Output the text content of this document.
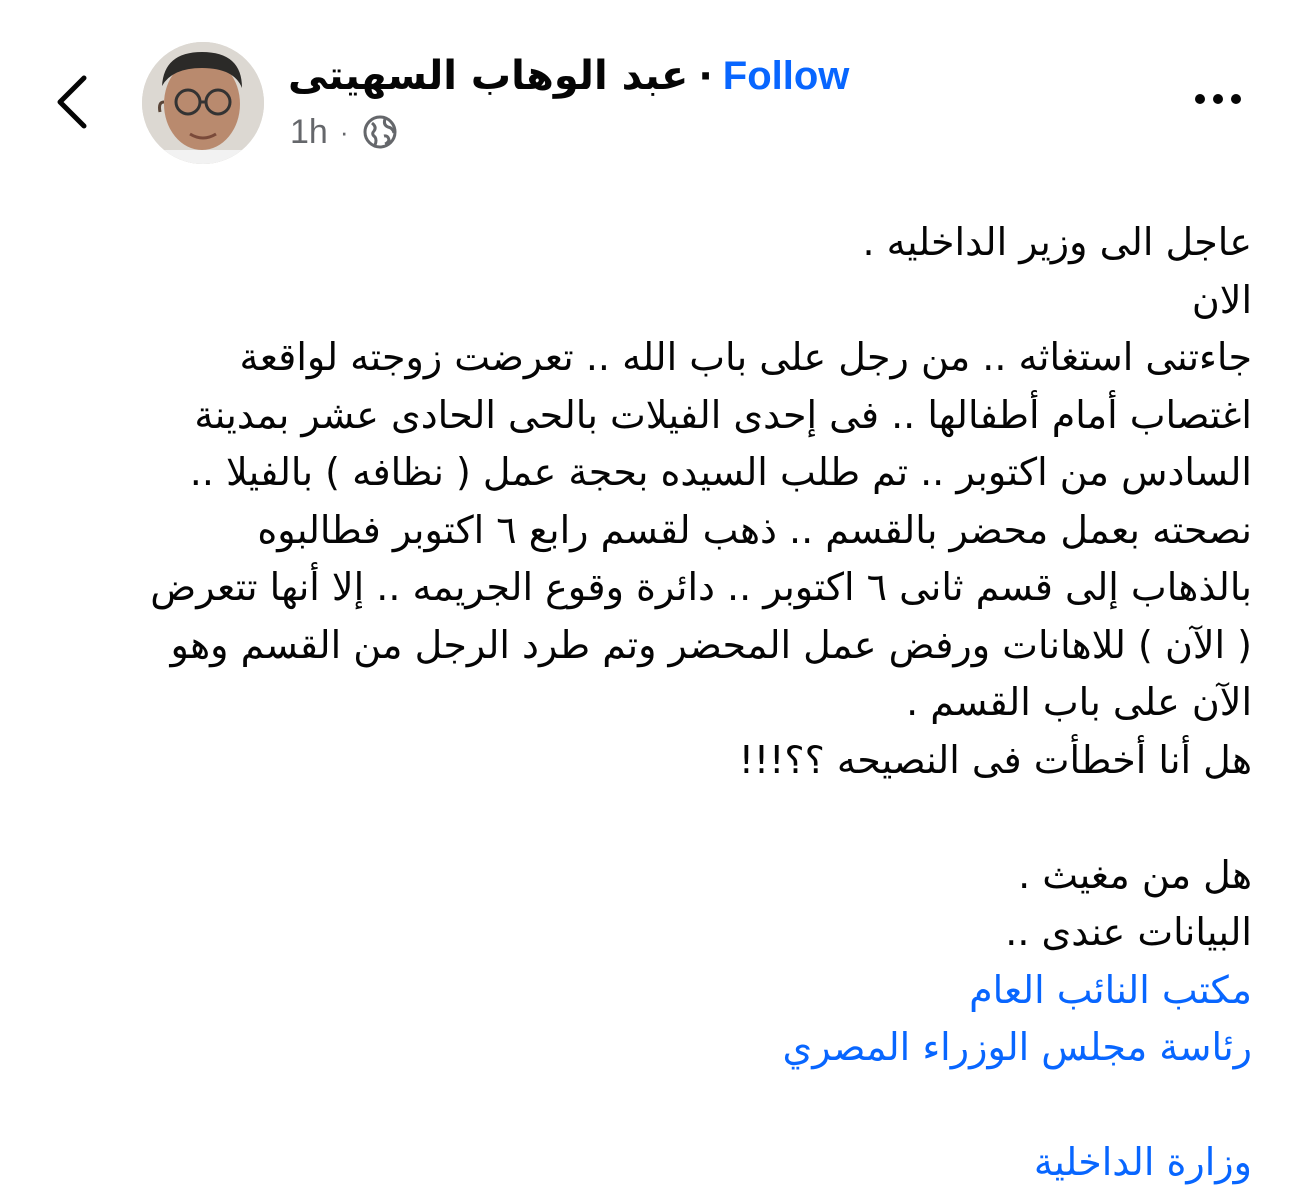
عبد الوهاب السهيتى · Follow
1h ·
عاجل الى وزير الداخليه .
الان
جاءتنى استغاثه .. من رجل على باب الله .. تعرضت زوجته لواقعة
اغتصاب أمام أطفالها .. فى إحدى الفيلات بالحى الحادى عشر بمدينة
السادس من اكتوبر .. تم طلب السيده بحجة عمل ( نظافه ) بالفيلا ..
نصحته بعمل محضر بالقسم .. ذهب لقسم رابع ٦ اكتوبر فطالبوه
بالذهاب إلى قسم ثانى ٦ اكتوبر .. دائرة وقوع الجريمه .. إلا أنها تتعرض
( الآن ) للاهانات ورفض عمل المحضر وتم طرد الرجل من القسم وهو
الآن على باب القسم .
هل أنا أخطأت فى النصيحه ؟؟!!!
هل من مغيث .
البيانات عندى ..
مكتب النائب العام
رئاسة مجلس الوزراء المصري
وزارة الداخلية
